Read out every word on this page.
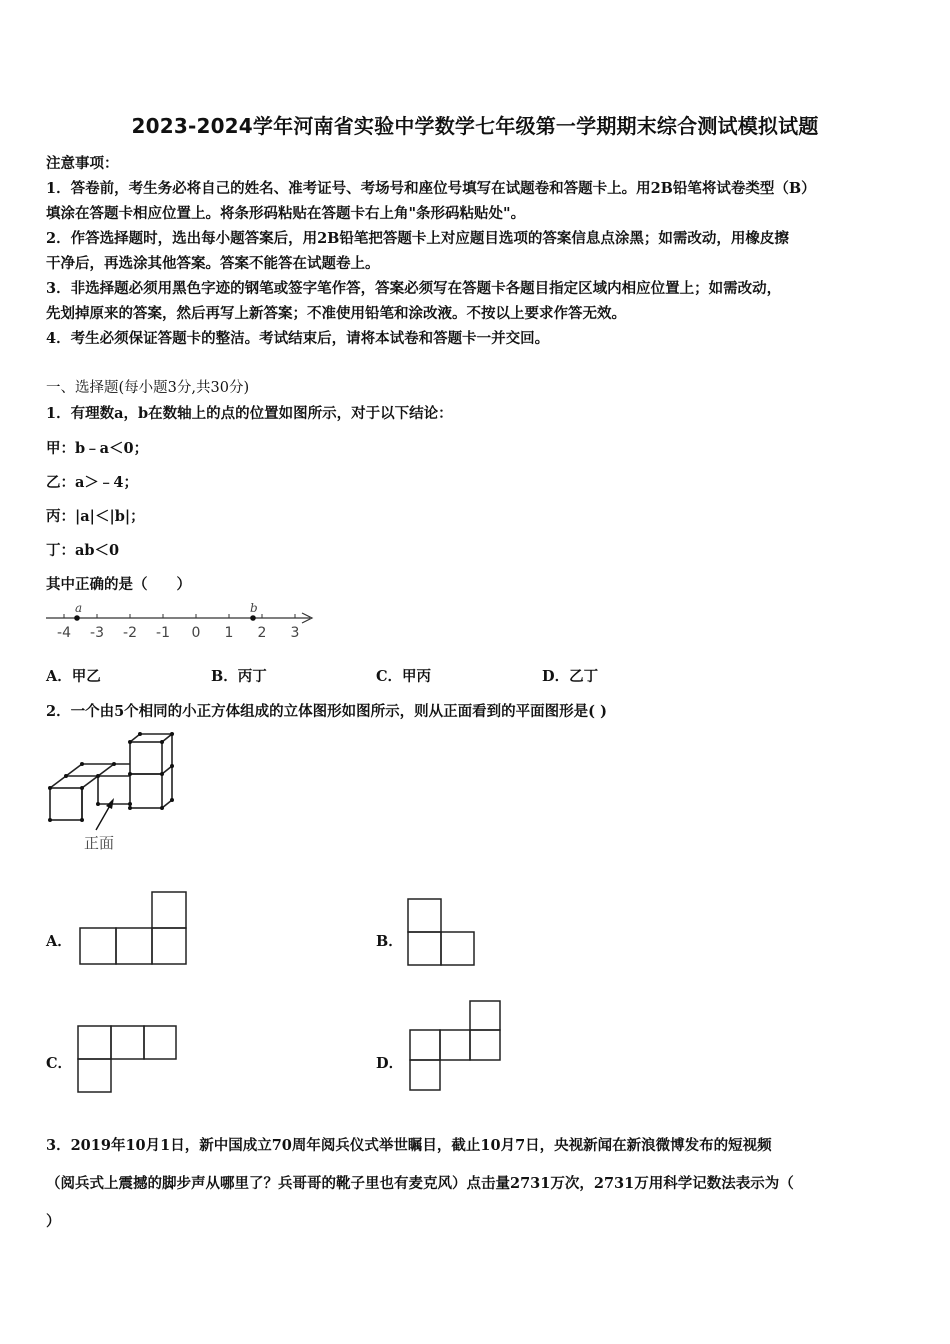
2023-2024学年河南省实验中学数学七年级第一学期期末综合测试模拟试题
注意事项：
1．答卷前，考生务必将自己的姓名、准考证号、考场号和座位号填写在试题卷和答题卡上。用2B铅笔将试卷类型（B）
填涂在答题卡相应位置上。将条形码粘贴在答题卡右上角"条形码粘贴处"。
2．作答选择题时，选出每小题答案后，用2B铅笔把答题卡上对应题目选项的答案信息点涂黑；如需改动，用橡皮擦
干净后，再选涂其他答案。答案不能答在试题卷上。
3．非选择题必须用黑色字迹的钢笔或签字笔作答，答案必须写在答题卡各题目指定区域内相应位置上；如需改动，
先划掉原来的答案，然后再写上新答案；不准使用铅笔和涂改液。不按以上要求作答无效。
4．考生必须保证答题卡的整洁。考试结束后，请将本试卷和答题卡一并交回。
一、选择题(每小题3分,共30分)
1．有理数a，b在数轴上的点的位置如图所示，对于以下结论：
甲：b﹣a＜0；
乙：a＞﹣4；
丙：|a|＜|b|；
丁：ab＜0
其中正确的是（　　）
-4 -3 -2 -1 0 1 2 3
a	b
A．甲乙	B．丙丁	C．甲丙	D．乙丁
2．一个由5个相同的小正方体组成的立体图形如图所示，则从正面看到的平面图形是( )
正面
A．	B．
C．	D．
3．2019年10月1日，新中国成立70周年阅兵仪式举世瞩目，截止10月7日，央视新闻在新浪微博发布的短视频
（阅兵式上震撼的脚步声从哪里了？兵哥哥的靴子里也有麦克风）点击量2731万次，2731万用科学记数法表示为（
）
